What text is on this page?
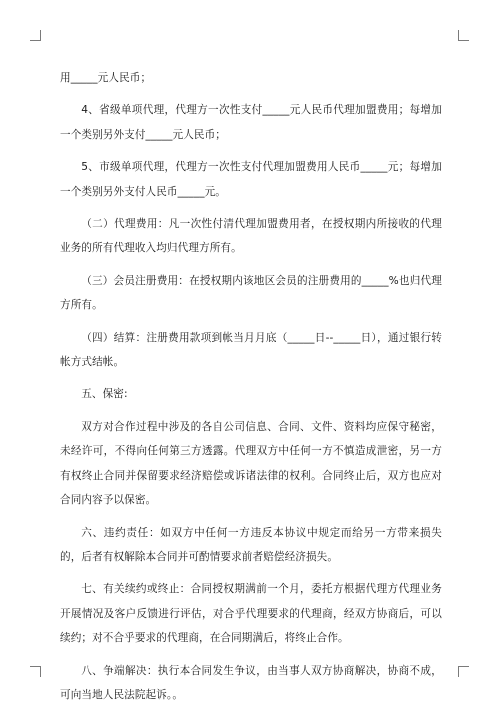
用_____元人民币；

4、省级单项代理，代理方一次性支付_____元人民币代理加盟费用；每增加一个类别另外支付_____元人民币；

5、市级单项代理，代理方一次性支付代理加盟费用人民币_____元；每增加一个类别另外支付人民币_____元。

（二）代理费用：凡一次性付清代理加盟费用者，在授权期内所接收的代理业务的所有代理收入均归代理方所有。

（三）会员注册费用：在授权期内该地区会员的注册费用的_____%也归代理方所有。

（四）结算：注册费用款项到帐当月月底（_____日--_____日），通过银行转帐方式结帐。

五、保密:

双方对合作过程中涉及的各自公司信息、合同、文件、资料均应保守秘密，未经许可，不得向任何第三方透露。代理双方中任何一方不慎造成泄密，另一方有权终止合同并保留要求经济赔偿或诉诸法律的权利。合同终止后，双方也应对合同内容予以保密。

六、违约责任：如双方中任何一方违反本协议中规定而给另一方带来损失的，后者有权解除本合同并可酌情要求前者赔偿经济损失。

七、有关续约或终止：合同授权期满前一个月，委托方根据代理方代理业务开展情况及客户反馈进行评估，对合乎代理要求的代理商，经双方协商后，可以续约；对不合乎要求的代理商，在合同期满后，将终止合作。

八、争端解决：执行本合同发生争议，由当事人双方协商解决，协商不成，可向当地人民法院起诉。。
